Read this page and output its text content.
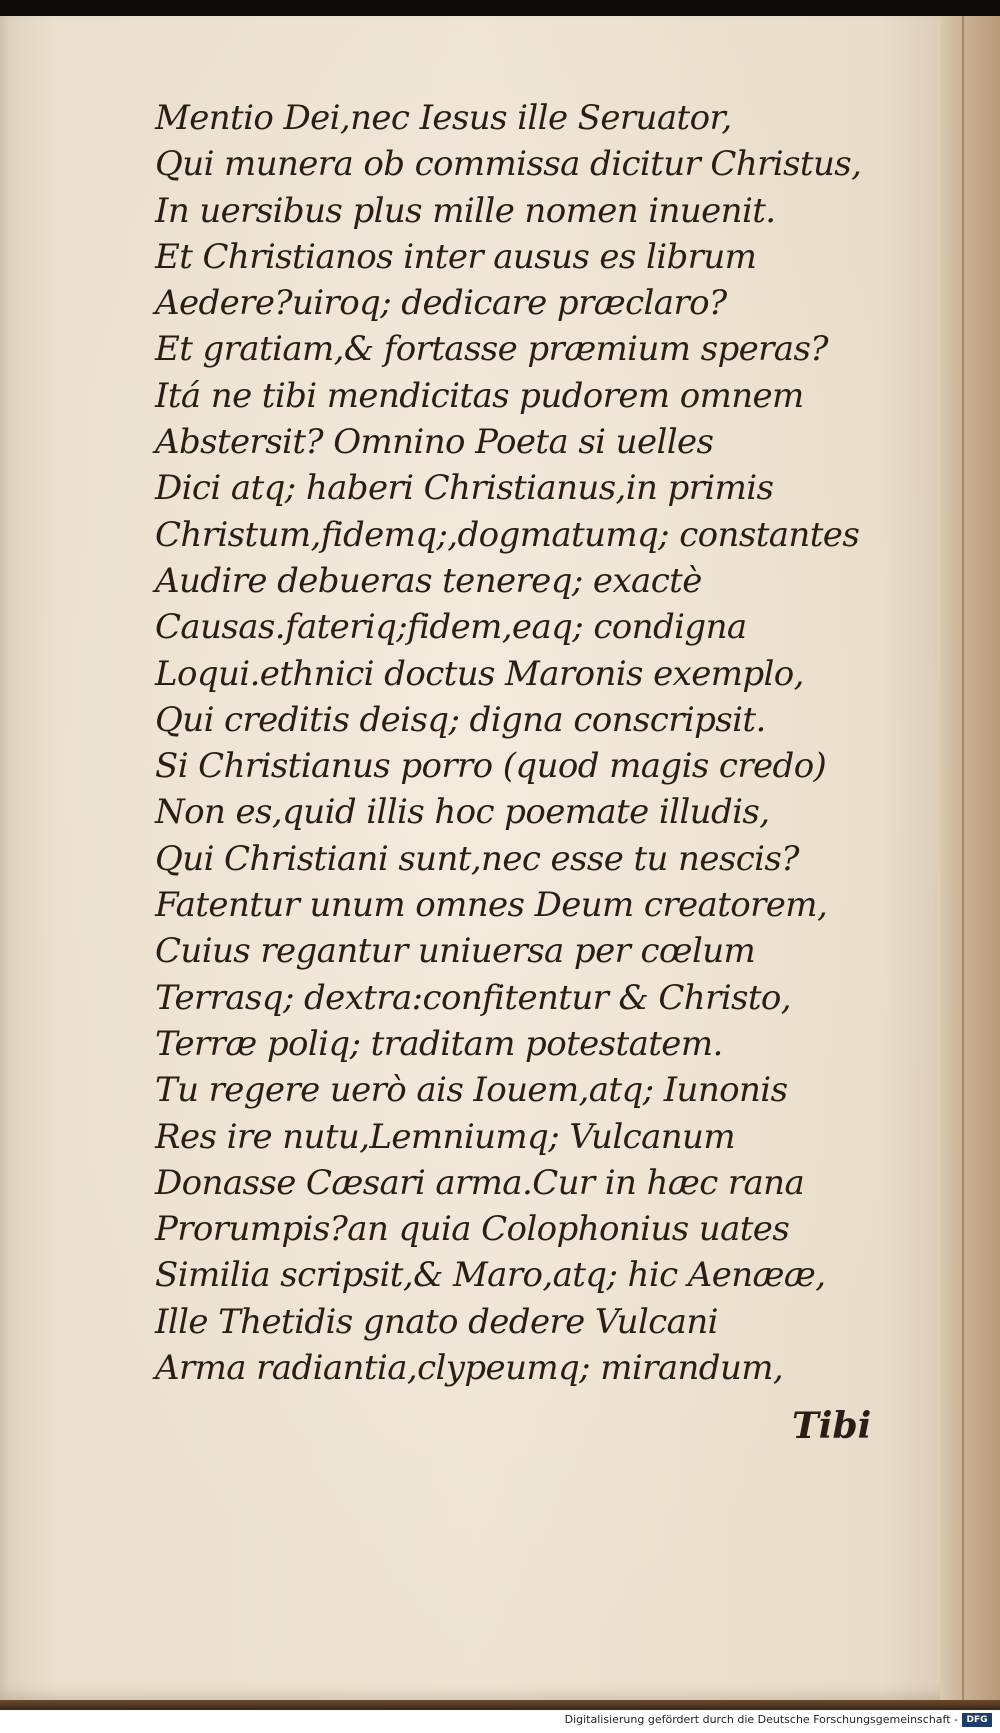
Mentio Dei,nec Iesus ille Seruator,
Qui munera ob commissa dicitur Christus,
In uersibus plus mille nomen inuenit.
Et Christianos inter ausus es librum
Aedere?uiroq; dedicare præclaro?
Et gratiam,& fortasse præmium speras?
Itá ne tibi mendicitas pudorem omnem
Abstersit? Omnino Poeta si uelles
Dici atq; haberi Christianus,in primis
Christum,fidemq;,dogmatumq; constantes
Audire debueras tenereq; exactè
Causas.fateriq;fidem,eaq; condigna
Loqui.ethnici doctus Maronis exemplo,
Qui creditis deisq; digna conscripsit.
Si Christianus porro (quod magis credo)
Non es,quid illis hoc poemate illudis,
Qui Christiani sunt,nec esse tu nescis?
Fatentur unum omnes Deum creatorem,
Cuius regantur uniuersa per cœlum
Terrasq; dextra:confitentur & Christo,
Terræ poliq; traditam potestatem.
Tu regere uerò ais Iouem,atq; Iunonis
Res ire nutu,Lemniumq; Vulcanum
Donasse Cæsari arma.Cur in hæc rana
Prorumpis?an quia Colophonius uates
Similia scripsit,& Maro,atq; hic Aenææ,
Ille Thetidis gnato dedere Vulcani
Arma radiantia,clypeumq; mirandum,
Tibi
Digitalisierung gefördert durch die Deutsche Forschungsgemeinschaft - DFG
